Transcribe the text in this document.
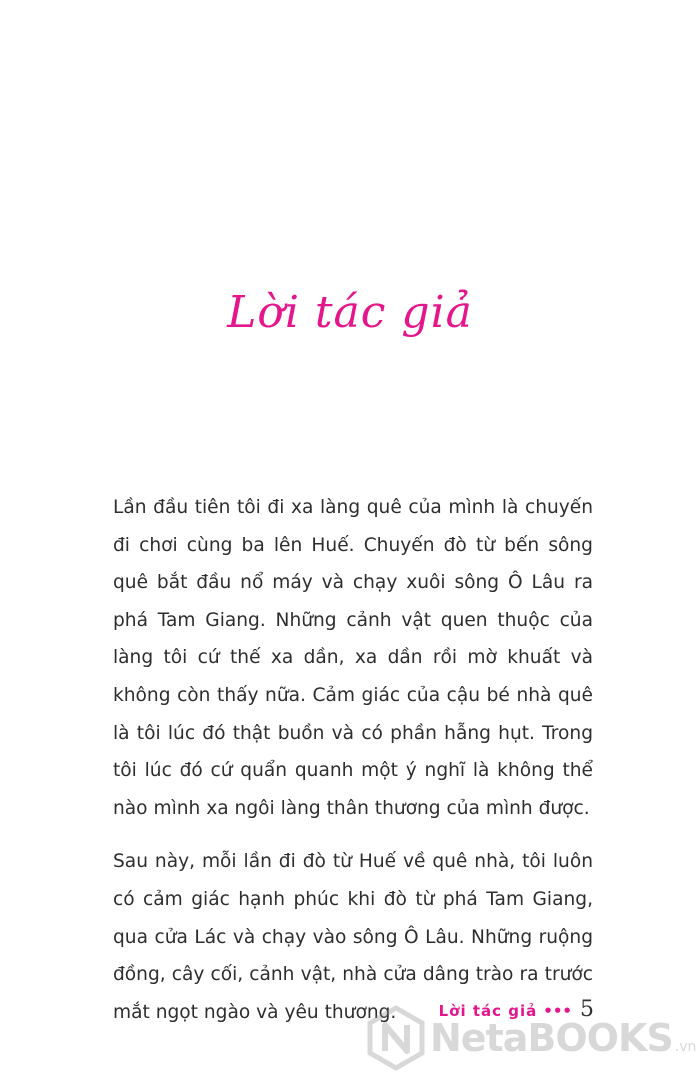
Lời tác giả

Lần đầu tiên tôi đi xa làng quê của mình là chuyến đi chơi cùng ba lên Huế. Chuyến đò từ bến sông quê bắt đầu nổ máy và chạy xuôi sông Ô Lâu ra phá Tam Giang. Những cảnh vật quen thuộc của làng tôi cứ thế xa dần, xa dần rồi mờ khuất và không còn thấy nữa. Cảm giác của cậu bé nhà quê là tôi lúc đó thật buồn và có phần hẫng hụt. Trong tôi lúc đó cứ quẩn quanh một ý nghĩ là không thể nào mình xa ngôi làng thân thương của mình được.

Sau này, mỗi lần đi đò từ Huế về quê nhà, tôi luôn có cảm giác hạnh phúc khi đò từ phá Tam Giang, qua cửa Lác và chạy vào sông Ô Lâu. Những ruộng đồng, cây cối, cảnh vật, nhà cửa dâng trào ra trước mắt ngọt ngào và yêu thương.	Lời tác giả ••• 5
NetaBOOKS .vn
